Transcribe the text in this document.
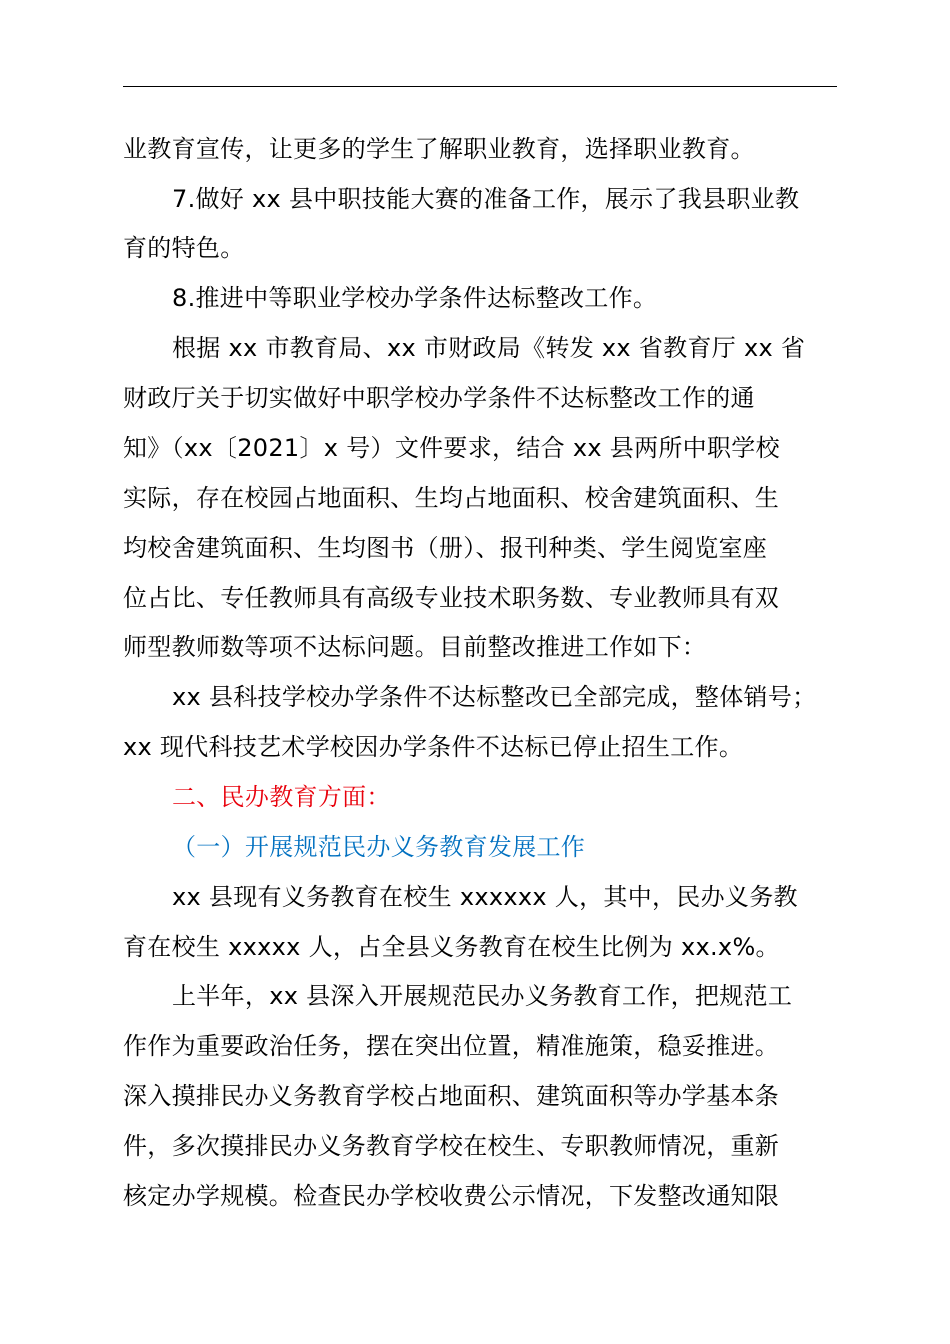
业教育宣传，让更多的学生了解职业教育，选择职业教育。
7.做好 xx 县中职技能大赛的准备工作，展示了我县职业教
育的特色。
8.推进中等职业学校办学条件达标整改工作。
根据 xx 市教育局、xx 市财政局《转发 xx 省教育厅 xx 省
财政厅关于切实做好中职学校办学条件不达标整改工作的通
知》（xx〔2021〕x 号）文件要求，结合 xx 县两所中职学校
实际，存在校园占地面积、生均占地面积、校舍建筑面积、生
均校舍建筑面积、生均图书（册）、报刊种类、学生阅览室座
位占比、专任教师具有高级专业技术职务数、专业教师具有双
师型教师数等项不达标问题。目前整改推进工作如下：
xx 县科技学校办学条件不达标整改已全部完成，整体销号；
xx 现代科技艺术学校因办学条件不达标已停止招生工作。
二、民办教育方面：
（一）开展规范民办义务教育发展工作
xx 县现有义务教育在校生 xxxxxx 人，其中，民办义务教
育在校生 xxxxx 人，占全县义务教育在校生比例为 xx.x%。
上半年，xx 县深入开展规范民办义务教育工作，把规范工
作作为重要政治任务，摆在突出位置，精准施策，稳妥推进。
深入摸排民办义务教育学校占地面积、建筑面积等办学基本条
件，多次摸排民办义务教育学校在校生、专职教师情况，重新
核定办学规模。检查民办学校收费公示情况，下发整改通知限
